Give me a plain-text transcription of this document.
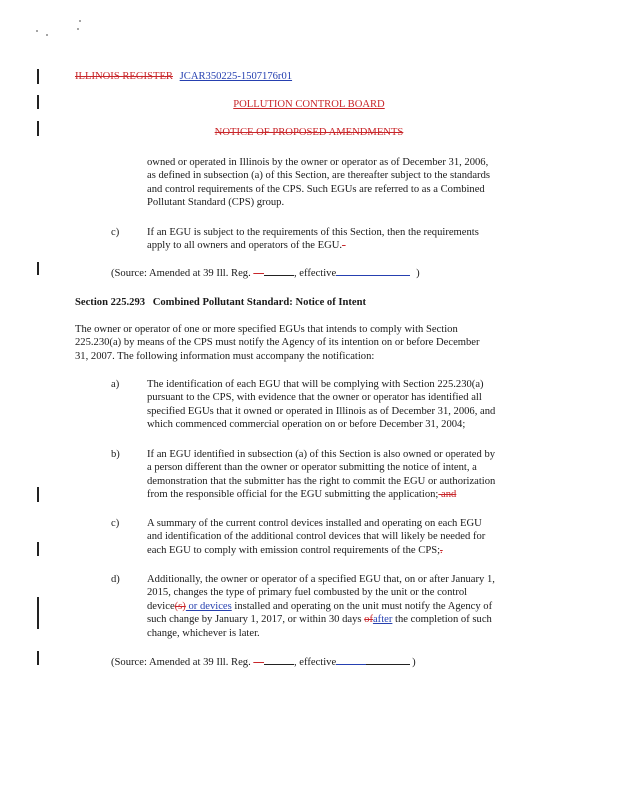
ILLINOIS REGISTER JCAR350225-1507176r01
POLLUTION CONTROL BOARD
NOTICE OF PROPOSED AMENDMENTS
owned or operated in Illinois by the owner or operator as of December 31, 2006,
as defined in subsection (a) of this Section, are thereafter subject to the standards
and control requirements of the CPS. Such EGUs are referred to as a Combined
Pollutant Standard (CPS) group.
c)	If an EGU is subject to the requirements of this Section, then the requirements
apply to all owners and operators of the EGU.-
(Source: Amended at 39 Ill. Reg. —	, effective	)
Section 225.293 Combined Pollutant Standard: Notice of Intent
The owner or operator of one or more specified EGUs that intends to comply with Section
225.230(a) by means of the CPS must notify the Agency of its intention on or before December
31, 2007. The following information must accompany the notification:
a)	The identification of each EGU that will be complying with Section 225.230(a)
pursuant to the CPS, with evidence that the owner or operator has identified all
specified EGUs that it owned or operated in Illinois as of December 31, 2006, and
which commenced commercial operation on or before December 31, 2004;
b)	If an EGU identified in subsection (a) of this Section is also owned or operated by
a person different than the owner or operator submitting the notice of intent, a
demonstration that the submitter has the right to commit the EGU or authorization
from the responsible official for the EGU submitting the application; and
c)	A summary of the current control devices installed and operating on each EGU
and identification of the additional control devices that will likely be needed for
each EGU to comply with emission control requirements of the CPS;.
d)	Additionally, the owner or operator of a specified EGU that, on or after January 1,
2015, changes the type of primary fuel combusted by the unit or the control
device(s) or devices installed and operating on the unit must notify the Agency of
such change by January 1, 2017, or within 30 days ofafter the completion of such
change, whichever is later.
(Source: Amended at 39 Ill. Reg. —	, effective	)
